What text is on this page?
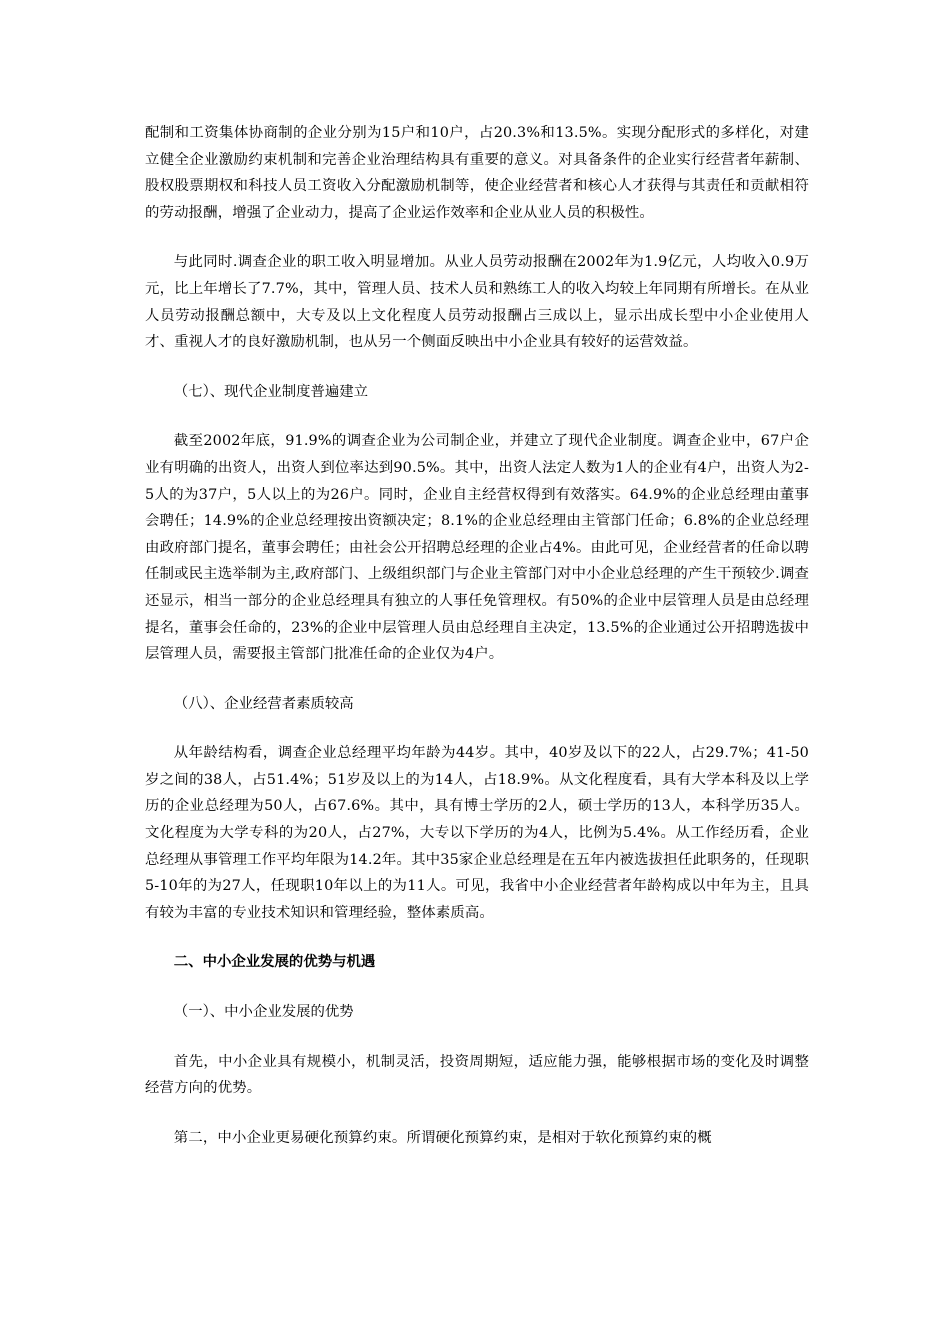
配制和工资集体协商制的企业分别为15户和10户，占20.3%和13.5%。实现分配形式的多样化，对建立健全企业激励约束机制和完善企业治理结构具有重要的意义。对具备条件的企业实行经营者年薪制、股权股票期权和科技人员工资收入分配激励机制等，使企业经营者和核心人才获得与其责任和贡献相符的劳动报酬，增强了企业动力，提高了企业运作效率和企业从业人员的积极性。

与此同时.调查企业的职工收入明显增加。从业人员劳动报酬在2002年为1.9亿元，人均收入0.9万元，比上年增长了7.7%，其中，管理人员、技术人员和熟练工人的收入均较上年同期有所增长。在从业人员劳动报酬总额中，大专及以上文化程度人员劳动报酬占三成以上，显示出成长型中小企业使用人才、重视人才的良好激励机制，也从另一个侧面反映出中小企业具有较好的运营效益。

（七）、现代企业制度普遍建立

截至2002年底，91.9%的调查企业为公司制企业，并建立了现代企业制度。调查企业中，67户企业有明确的出资人，出资人到位率达到90.5%。其中，出资人法定人数为1人的企业有4户，出资人为2-5人的为37户，5人以上的为26户。同时，企业自主经营权得到有效落实。64.9%的企业总经理由董事会聘任；14.9%的企业总经理按出资额决定；8.1%的企业总经理由主管部门任命；6.8%的企业总经理由政府部门提名，董事会聘任；由社会公开招聘总经理的企业占4%。由此可见，企业经营者的任命以聘任制或民主选举制为主,政府部门、上级组织部门与企业主管部门对中小企业总经理的产生干预较少.调查还显示，相当一部分的企业总经理具有独立的人事任免管理权。有50%的企业中层管理人员是由总经理提名，董事会任命的，23%的企业中层管理人员由总经理自主决定，13.5%的企业通过公开招聘选拔中层管理人员，需要报主管部门批准任命的企业仅为4户。

（八）、企业经营者素质较高

从年龄结构看，调查企业总经理平均年龄为44岁。其中，40岁及以下的22人，占29.7%；41-50岁之间的38人，占51.4%；51岁及以上的为14人，占18.9%。从文化程度看，具有大学本科及以上学历的企业总经理为50人，占67.6%。其中，具有博士学历的2人，硕士学历的13人，本科学历35人。文化程度为大学专科的为20人，占27%，大专以下学历的为4人，比例为5.4%。从工作经历看，企业总经理从事管理工作平均年限为14.2年。其中35家企业总经理是在五年内被选拔担任此职务的，任现职5-10年的为27人，任现职10年以上的为11人。可见，我省中小企业经营者年龄构成以中年为主，且具有较为丰富的专业技术知识和管理经验，整体素质高。

二、中小企业发展的优势与机遇

（一）、中小企业发展的优势

首先，中小企业具有规模小，机制灵活，投资周期短，适应能力强，能够根据市场的变化及时调整经营方向的优势。

第二，中小企业更易硬化预算约束。所谓硬化预算约束，是相对于软化预算约束的概
